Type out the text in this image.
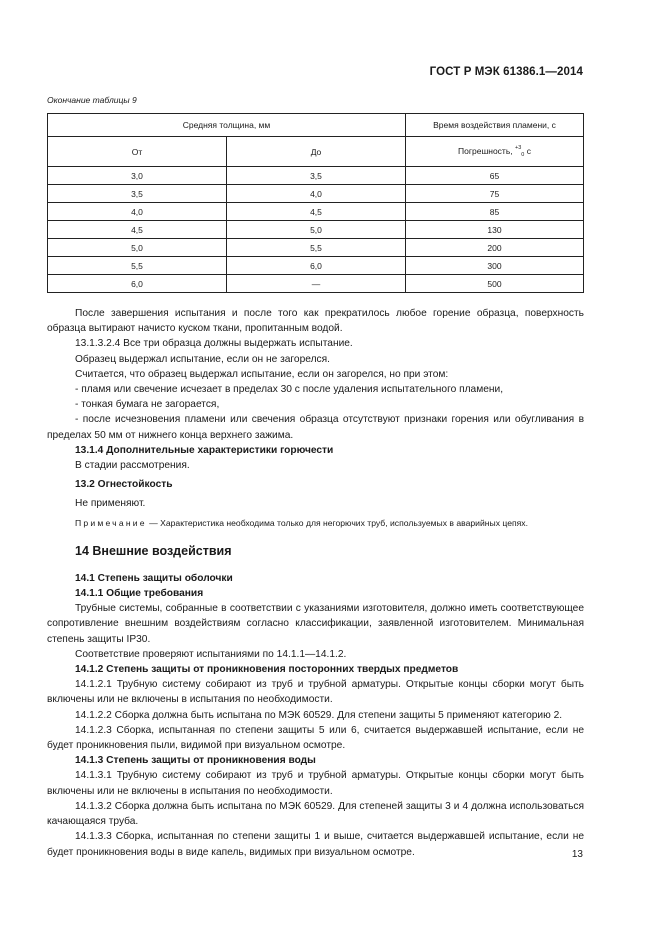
ГОСТ Р МЭК 61386.1—2014
Окончание таблицы 9
Средняя толщина, мм		Время воздействия пламени, с
От	До	Погрешность, $^{+3}_0$ с
3,0	3,5	65
3,5	4,0	75
4,0	4,5	85
4,5	5,0	130
5,0	5,5	200
5,5	6,0	300
6,0	—	500

После завершения испытания и после того как прекратилось любое горение образца, поверхность образца вытирают начисто куском ткани, пропитанным водой.

13.1.3.2.4 Все три образца должны выдержать испытание.

Образец выдержал испытание, если он не загорелся.

Считается, что образец выдержал испытание, если он загорелся, но при этом:

- пламя или свечение исчезает в пределах 30 с после удаления испытательного пламени,

- тонкая бумага не загорается,

- после исчезновения пламени или свечения образца отсутствуют признаки горения или обугливания в пределах 50 мм от нижнего конца верхнего зажима.

13.1.4 Дополнительные характеристики горючести

В стадии рассмотрения.

13.2 Огнестойкость

Не применяют.

Примечание — Характеристика необходима только для негорючих труб, используемых в аварийных цепях.

14 Внешние воздействия

14.1 Степень защиты оболочки

14.1.1 Общие требования

Трубные системы, собранные в соответствии с указаниями изготовителя, должно иметь соответствующее сопротивление внешним воздействиям согласно классификации, заявленной изготовителем. Минимальная степень защиты IP30.

Соответствие проверяют испытаниями по 14.1.1—14.1.2.

14.1.2 Степень защиты от проникновения посторонних твердых предметов

14.1.2.1 Трубную систему собирают из труб и трубной арматуры. Открытые концы сборки могут быть включены или не включены в испытания по необходимости.

14.1.2.2 Сборка должна быть испытана по МЭК 60529. Для степени защиты 5 применяют категорию 2.

14.1.2.3 Сборка, испытанная по степени защиты 5 или 6, считается выдержавшей испытание, если не будет проникновения пыли, видимой при визуальном осмотре.

14.1.3 Степень защиты от проникновения воды

14.1.3.1 Трубную систему собирают из труб и трубной арматуры. Открытые концы сборки могут быть включены или не включены в испытания по необходимости.

14.1.3.2 Сборка должна быть испытана по МЭК 60529. Для степеней защиты 3 и 4 должна использоваться качающаяся труба.

14.1.3.3 Сборка, испытанная по степени защиты 1 и выше, считается выдержавшей испытание, если не будет проникновения воды в виде капель, видимых при визуальном осмотре.	13
